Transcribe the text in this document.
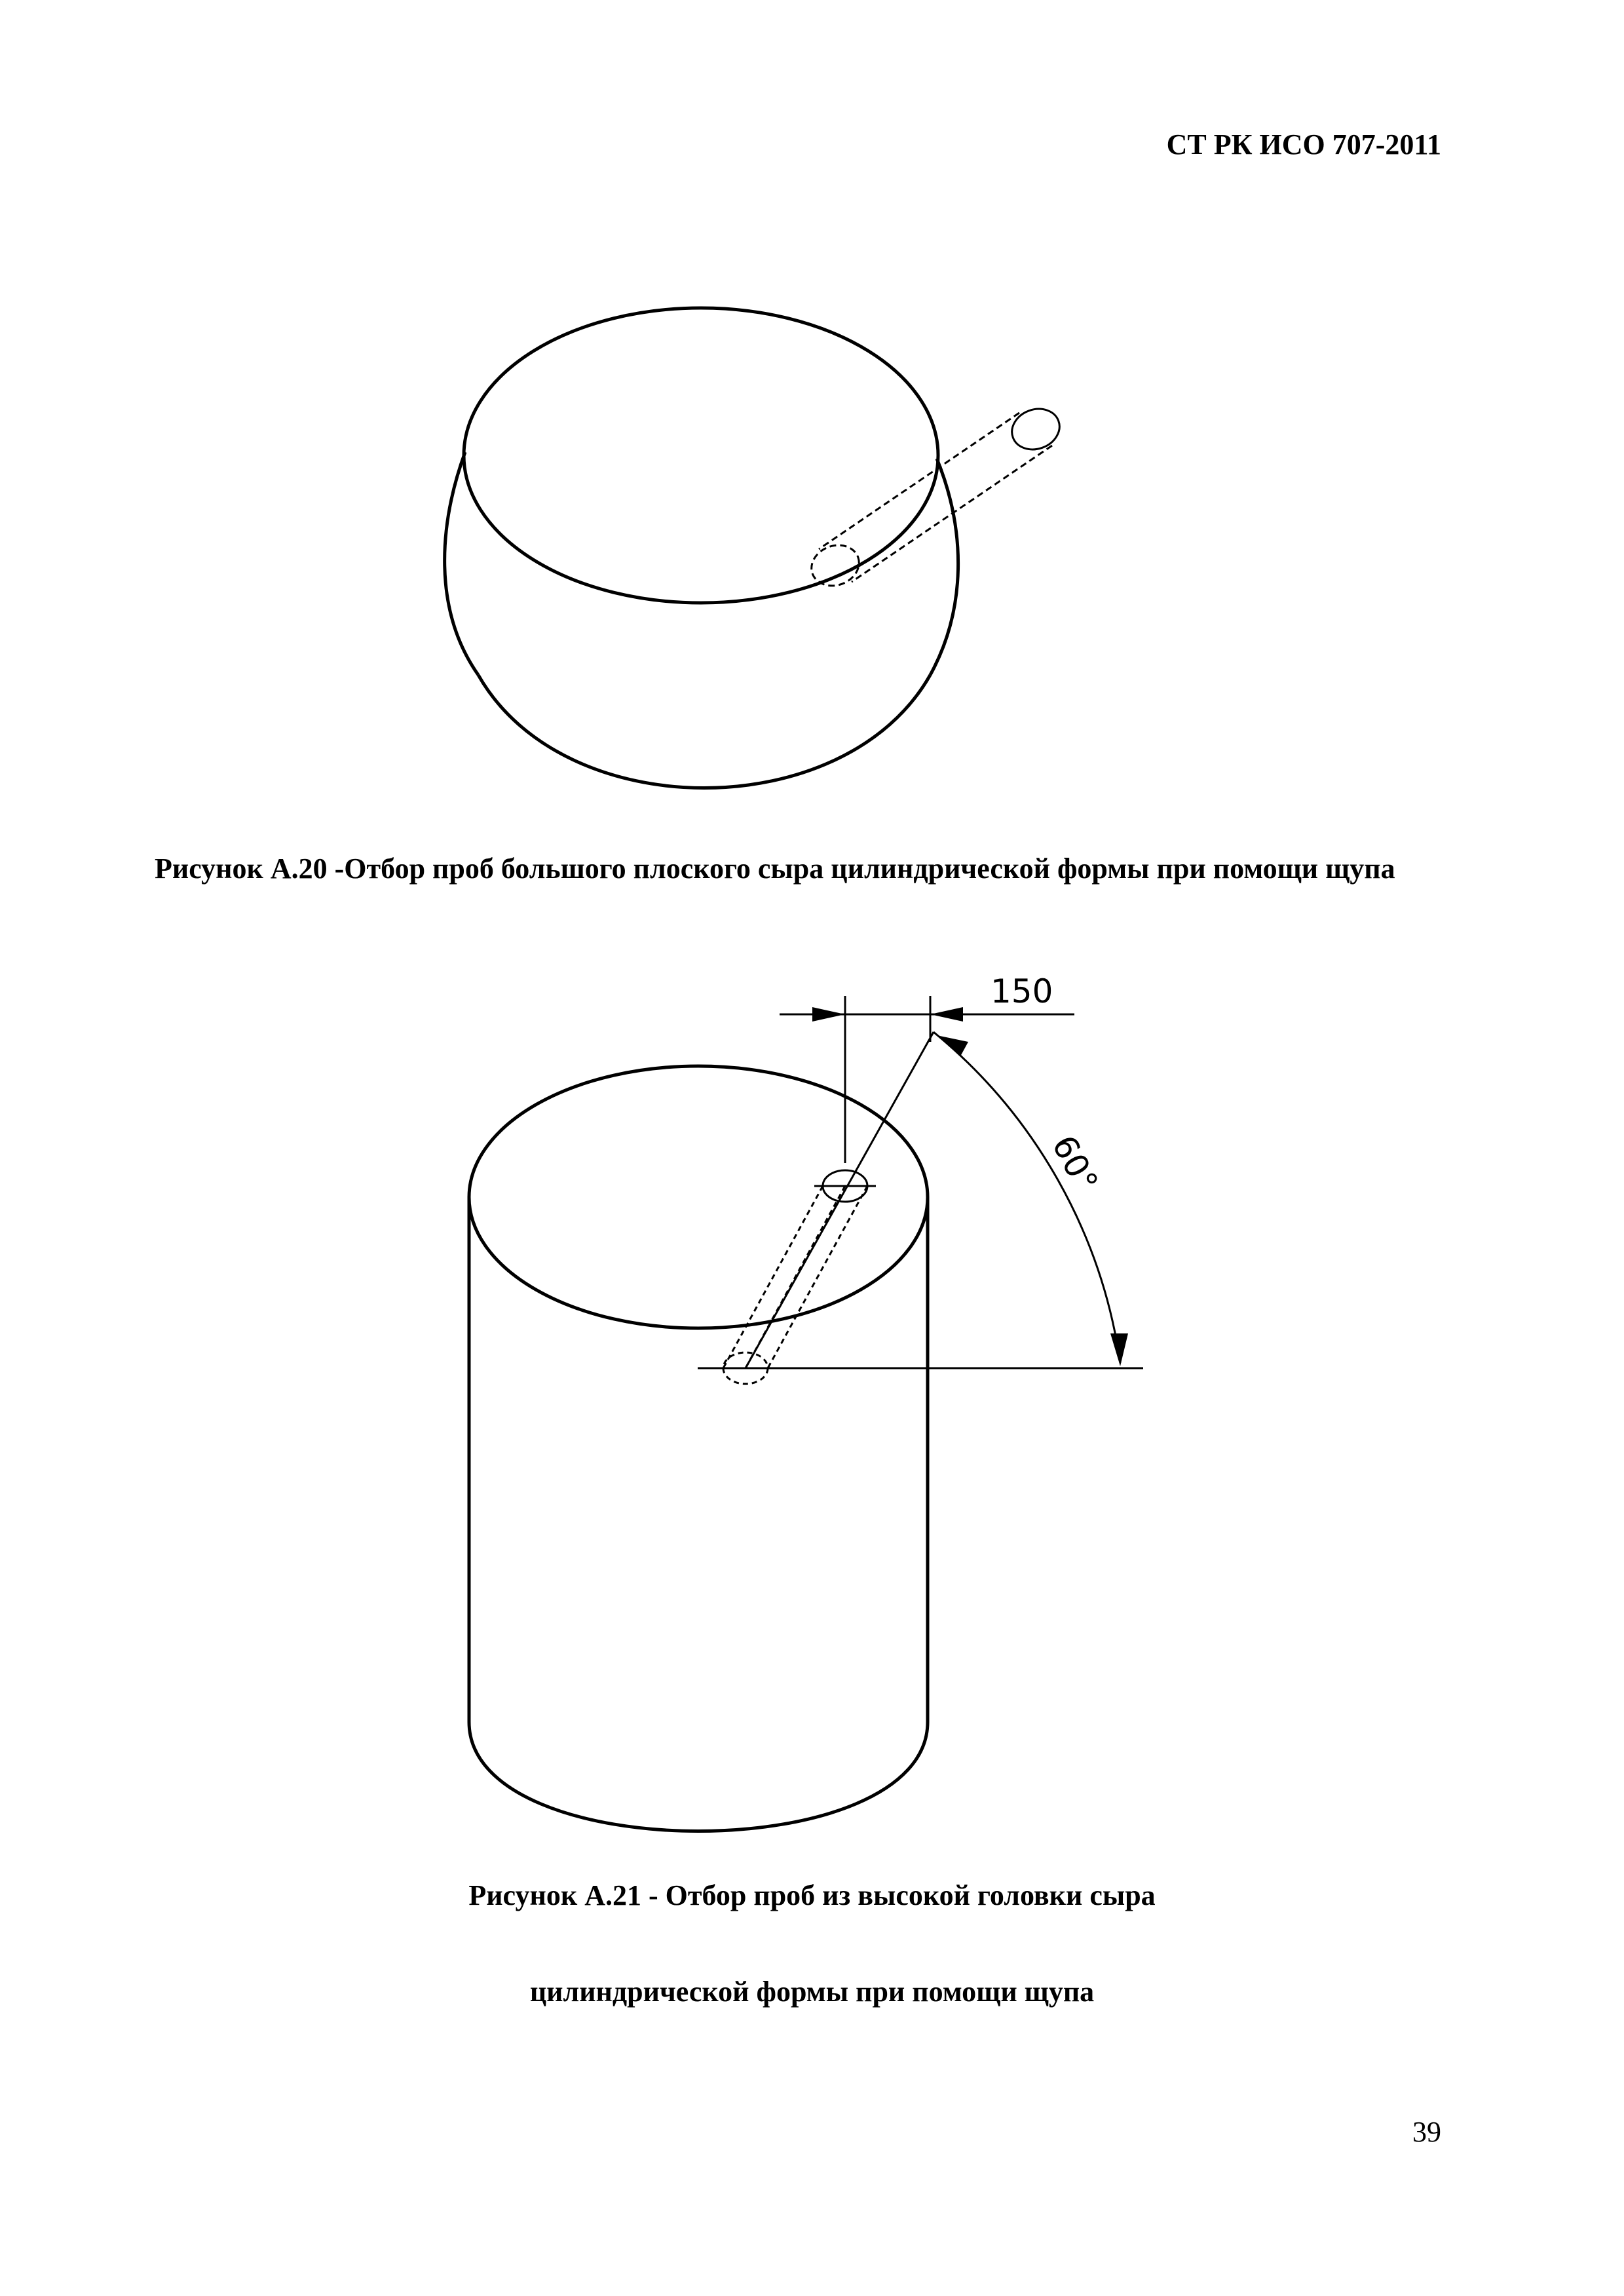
СТ РК ИСО 707-2011
Рисунок А.20 -Отбор проб большого плоского сыра цилиндрической формы при помощи щупа
150
60°
Рисунок А.21 - Отбор проб из высокой головки сыра
цилиндрической формы при помощи щупа
39
